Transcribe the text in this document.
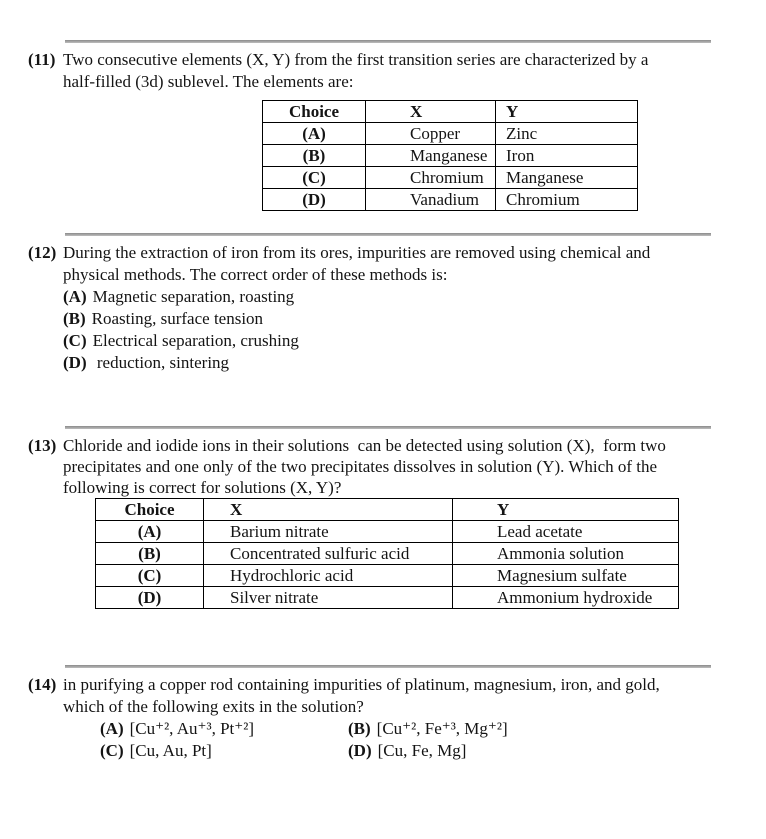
(11) Two consecutive elements (X, Y) from the first transition series are characterized by a
half-filled (3d) sublevel. The elements are:
Choice	X	Y
(A)	Copper	Zinc
(B)	Manganese	Iron
(C)	Chromium	Manganese
(D)	Vanadium	Chromium
(12) During the extraction of iron from its ores, impurities are removed using chemical and
physical methods. The correct order of these methods is:
(A) Magnetic separation, roasting
(B) Roasting, surface tension
(C) Electrical separation, crushing
(D) reduction, sintering
(13) Chloride and iodide ions in their solutions  can be detected using solution (X),  form two
precipitates and one only of the two precipitates dissolves in solution (Y). Which of the
following is correct for solutions (X, Y)?
Choice	X	Y
(A)	Barium nitrate	Lead acetate
(B)	Concentrated sulfuric acid	Ammonia solution
(C)	Hydrochloric acid	Magnesium sulfate
(D)	Silver nitrate	Ammonium hydroxide
(14) in purifying a copper rod containing impurities of platinum, magnesium, iron, and gold,
which of the following exits in the solution?
(A) [Cu⁺², Au⁺³, Pt⁺²]	(B) [Cu⁺², Fe⁺³, Mg⁺²]
(C) [Cu, Au, Pt]	(D) [Cu, Fe, Mg]
